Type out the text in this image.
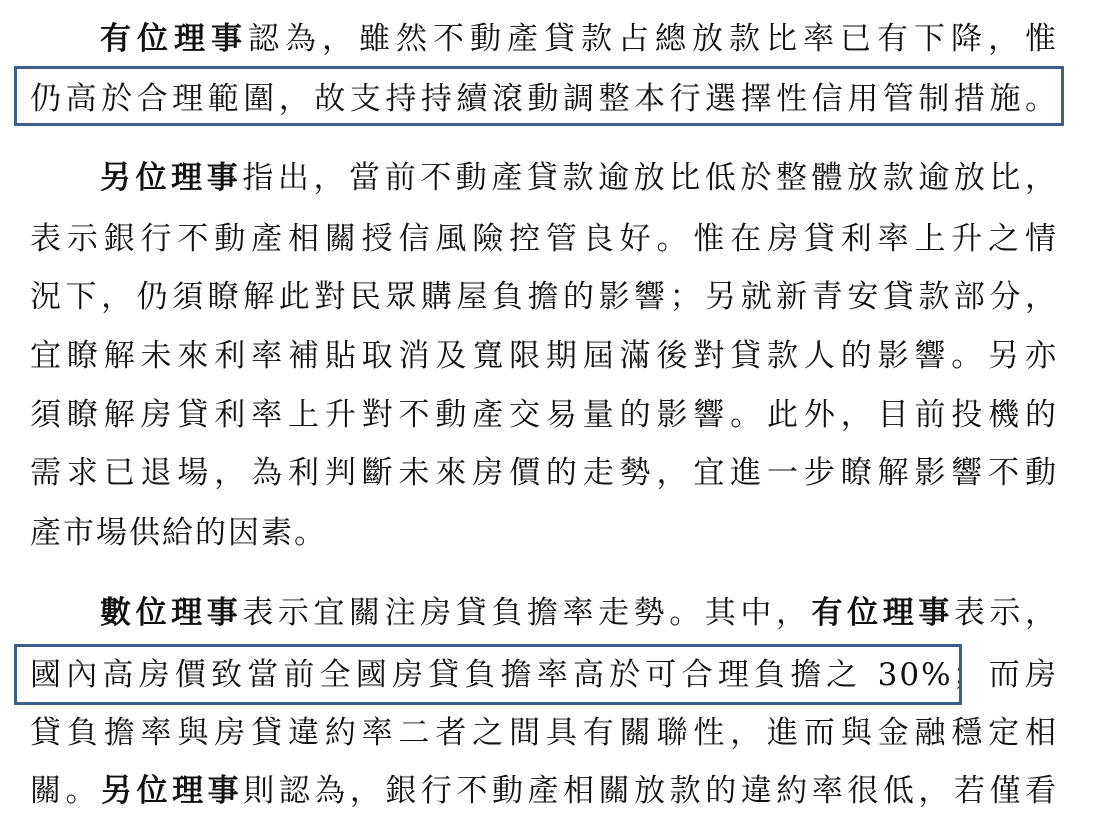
有位理事認為，雖然不動產貸款占總放款比率已有下降，惟
仍高於合理範圍，故支持持續滾動調整本行選擇性信用管制措施。
另位理事指出，當前不動產貸款逾放比低於整體放款逾放比，
表示銀行不動產相關授信風險控管良好。惟在房貸利率上升之情
況下，仍須瞭解此對民眾購屋負擔的影響；另就新青安貸款部分，
宜瞭解未來利率補貼取消及寬限期屆滿後對貸款人的影響。另亦
須瞭解房貸利率上升對不動產交易量的影響。此外，目前投機的
需求已退場，為利判斷未來房價的走勢，宜進一步瞭解影響不動
產市場供給的因素。
數位理事表示宜關注房貸負擔率走勢。其中，有位理事表示，
國內高房價致當前全國房貸負擔率高於可合理負擔之 30%；而房
貸負擔率與房貸違約率二者之間具有關聯性，進而與金融穩定相
關。另位理事則認為，銀行不動產相關放款的違約率很低，若僅看
